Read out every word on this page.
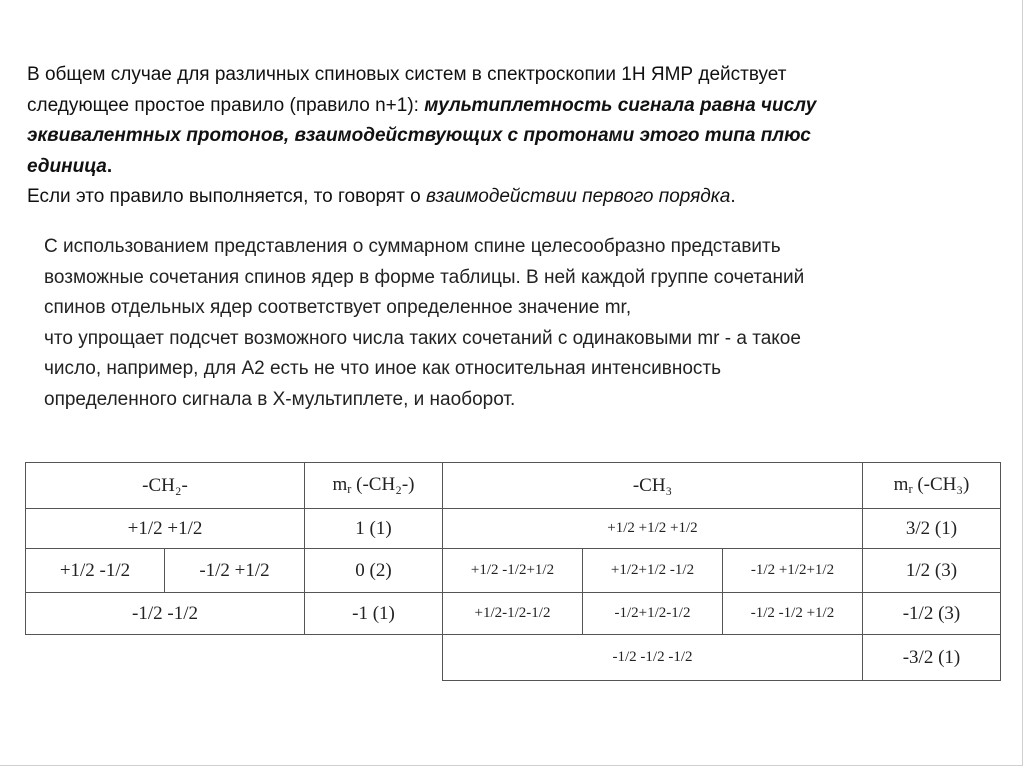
В общем случае для различных спиновых систем в спектроскопии 1Н ЯМР действует
следующее простое правило (правило n+1): мультиплетность сигнала равна числу
эквивалентных протонов, взаимодействующих с протонами этого типа плюс
единица.
Если это правило выполняется, то говорят о взаимодействии первого порядка.
С использованием представления о суммарном спине целесообразно представить
возможные сочетания спинов ядер в форме таблицы. В ней каждой группе сочетаний
спинов отдельных ядер соответствует определенное значение mr,
что упрощает подсчет возможного числа таких сочетаний с одинаковыми mr - а такое
число, например, для А2 есть не что иное как относительная интенсивность
определенного сигнала в Х-мультиплете, и наоборот.
-CH₂-		$m_r$ (-CH₂-)	-CH₃			$m_r$ (-CH₃)
+1/2 +1/2		1 (1)	+1/2 +1/2 +1/2			3/2 (1)
+1/2 -1/2	-1/2 +1/2	0 (2)	+1/2 -1/2+1/2	+1/2+1/2 -1/2	-1/2 +1/2+1/2	1/2 (3)
-1/2 -1/2		-1 (1)	+1/2-1/2-1/2	-1/2+1/2-1/2	-1/2 -1/2 +1/2	-1/2 (3)
			-1/2 -1/2 -1/2			-3/2 (1)
